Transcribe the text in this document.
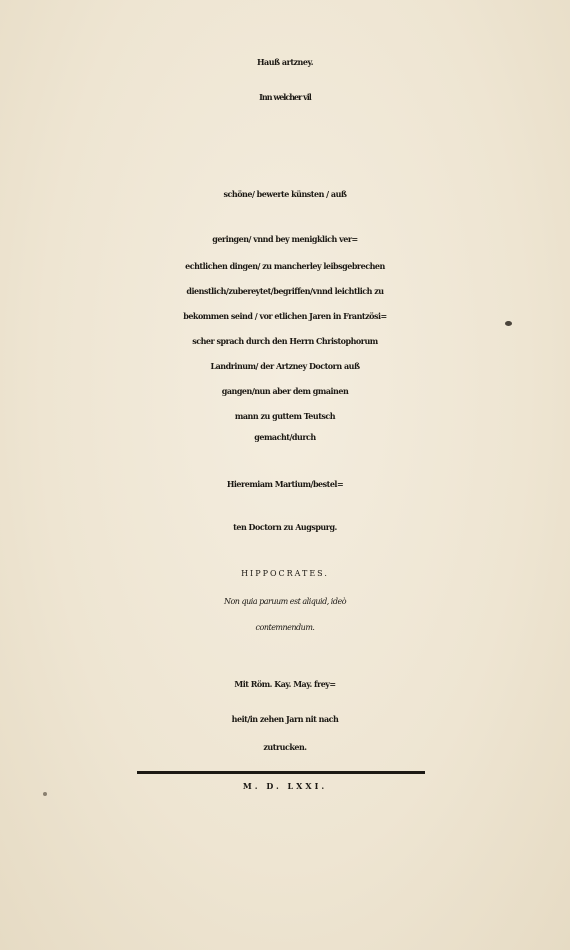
Hauß artzney.
Inn welcher vil
schöne/ bewerte künsten / auß
geringen/ vnnd bey menigklich ver=
echtlichen dingen/ zu mancherley leibsgebrechen
dienstlich/zubereytet/begriffen/vnnd leichtlich zu
bekommen seind / vor etlichen Jaren in Frantzösi=
scher sprach durch den Herrn Christophorum
Landrinum/ der Artzney Doctorn auß
gangen/nun aber dem gmainen
mann zu guttem Teutsch
gemacht/durch
Hieremiam Martium/bestel=
ten Doctorn zu Augspurg.
HIPPOCRATES.
Non quia paruum est aliquid, ideò
contemnendum.
Mit Röm. Kay. May. frey=
heit/in zehen Jarn nit nach
zutrucken.
M. D. LXXI.
